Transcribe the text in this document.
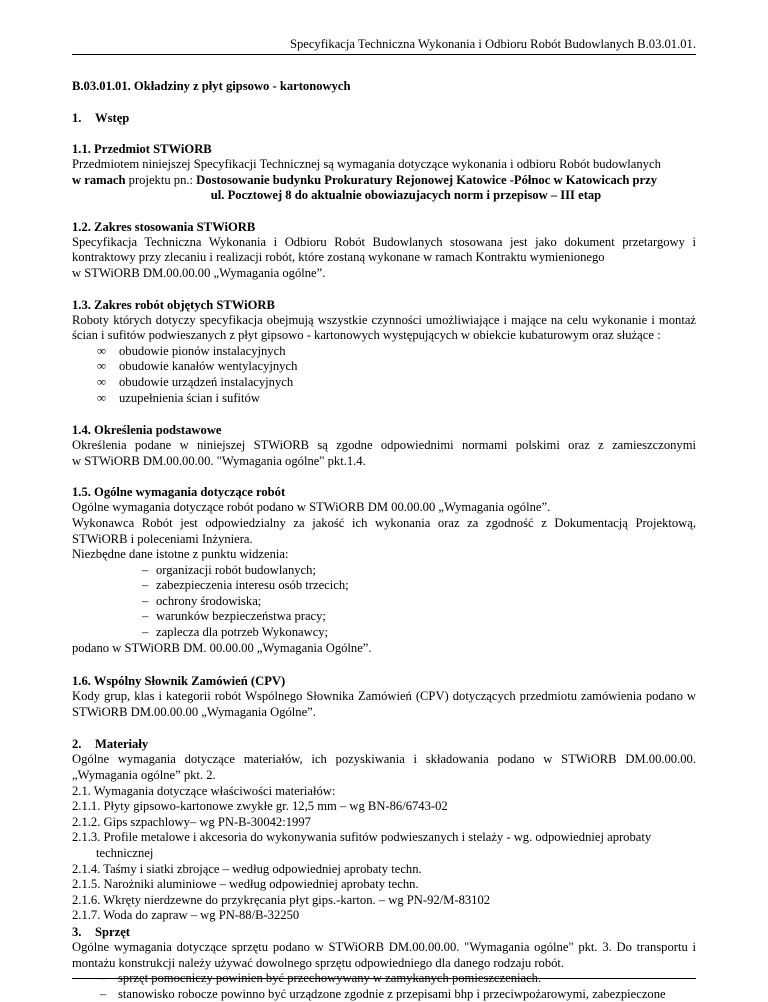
Specyfikacja Techniczna Wykonania i Odbioru Robót Budowlanych B.03.01.01.
B.03.01.01. Okładziny z płyt gipsowo - kartonowych
1. Wstęp
1.1. Przedmiot STWiORB

Przedmiotem niniejszej Specyfikacji Technicznej są wymagania dotyczące wykonania i odbioru Robót budowlanych

w ramach projektu pn.: Dostosowanie budynku Prokuratury Rejonowej Katowice -Północ w Katowicach przy

ul. Pocztowej 8 do aktualnie obowiazujacych norm i przepisow – III etap

1.2. Zakres stosowania STWiORB

Specyfikacja Techniczna Wykonania i Odbioru Robót Budowlanych stosowana jest jako dokument przetargowy i kontraktowy przy zlecaniu i realizacji robót, które zostaną wykonane w ramach Kontraktu wymienionego

w STWiORB DM.00.00.00 „Wymagania ogólne”.

1.3. Zakres robót objętych STWiORB

Roboty których dotyczy specyfikacja obejmują wszystkie czynności umożliwiające i mające na celu wykonanie i montaż ścian i sufitów podwieszanych z płyt gipsowo - kartonowych występujących w obiekcie kubaturowym oraz służące :

∞ obudowie pionów instalacyjnych
∞ obudowie kanałów wentylacyjnych
∞ obudowie urządzeń instalacyjnych
∞ uzupełnienia ścian i sufitów
1.4. Określenia podstawowe

Określenia podane w niniejszej STWiORB są zgodne odpowiednimi normami polskimi oraz z zamieszczonymi

w STWiORB DM.00.00.00. "Wymagania ogólne" pkt.1.4.

1.5. Ogólne wymagania dotyczące robót

Ogólne wymagania dotyczące robót podano w STWiORB DM 00.00.00 „Wymagania ogólne”.

Wykonawca Robót jest odpowiedzialny za jakość ich wykonania oraz za zgodność z Dokumentacją Projektową, STWiORB i poleceniami Inżyniera.

Niezbędne dane istotne z punktu widzenia:

– organizacji robót budowlanych;
– zabezpieczenia interesu osób trzecich;
– ochrony środowiska;
– warunków bezpieczeństwa pracy;
– zaplecza dla potrzeb Wykonawcy;

podano w STWiORB DM. 00.00.00 „Wymagania Ogólne”.

1.6. Wspólny Słownik Zamówień (CPV)

Kody grup, klas i kategorii robót Wspólnego Słownika Zamówień (CPV) dotyczących przedmiotu zamówienia podano w STWiORB DM.00.00.00 „Wymagania Ogólne”.

2. Materiały

Ogólne wymagania dotyczące materiałów, ich pozyskiwania i składowania podano w STWiORB DM.00.00.00. „Wymagania ogólne” pkt. 2.

2.1. Wymagania dotyczące właściwości materiałów:

2.1.1. Płyty gipsowo-kartonowe zwykłe gr. 12,5 mm – wg BN-86/6743-02

2.1.2. Gips szpachlowy– wg PN-B-30042:1997

2.1.3. Profile metalowe i akcesoria do wykonywania sufitów podwieszanych i stelaży - wg. odpowiedniej aprobaty

technicznej

2.1.4. Taśmy i siatki zbrojące – według odpowiedniej aprobaty techn.

2.1.5. Narożniki aluminiowe – według odpowiedniej aprobaty techn.

2.1.6. Wkręty nierdzewne do przykręcania płyt gips.-karton. – wg PN-92/M-83102

2.1.7. Woda do zapraw – wg PN-88/B-32250

3. Sprzęt

Ogólne wymagania dotyczące sprzętu podano w STWiORB DM.00.00.00. "Wymagania ogólne" pkt. 3. Do transportu i montażu konstrukcji należy używać dowolnego sprzętu odpowiedniego dla danego rodzaju robót.

– sprzęt pomocniczy powinien być przechowywany w zamykanych pomieszczeniach.
– stanowisko robocze powinno być urządzone zgodnie z przepisami bhp i przeciwpożarowymi, zabezpieczone
